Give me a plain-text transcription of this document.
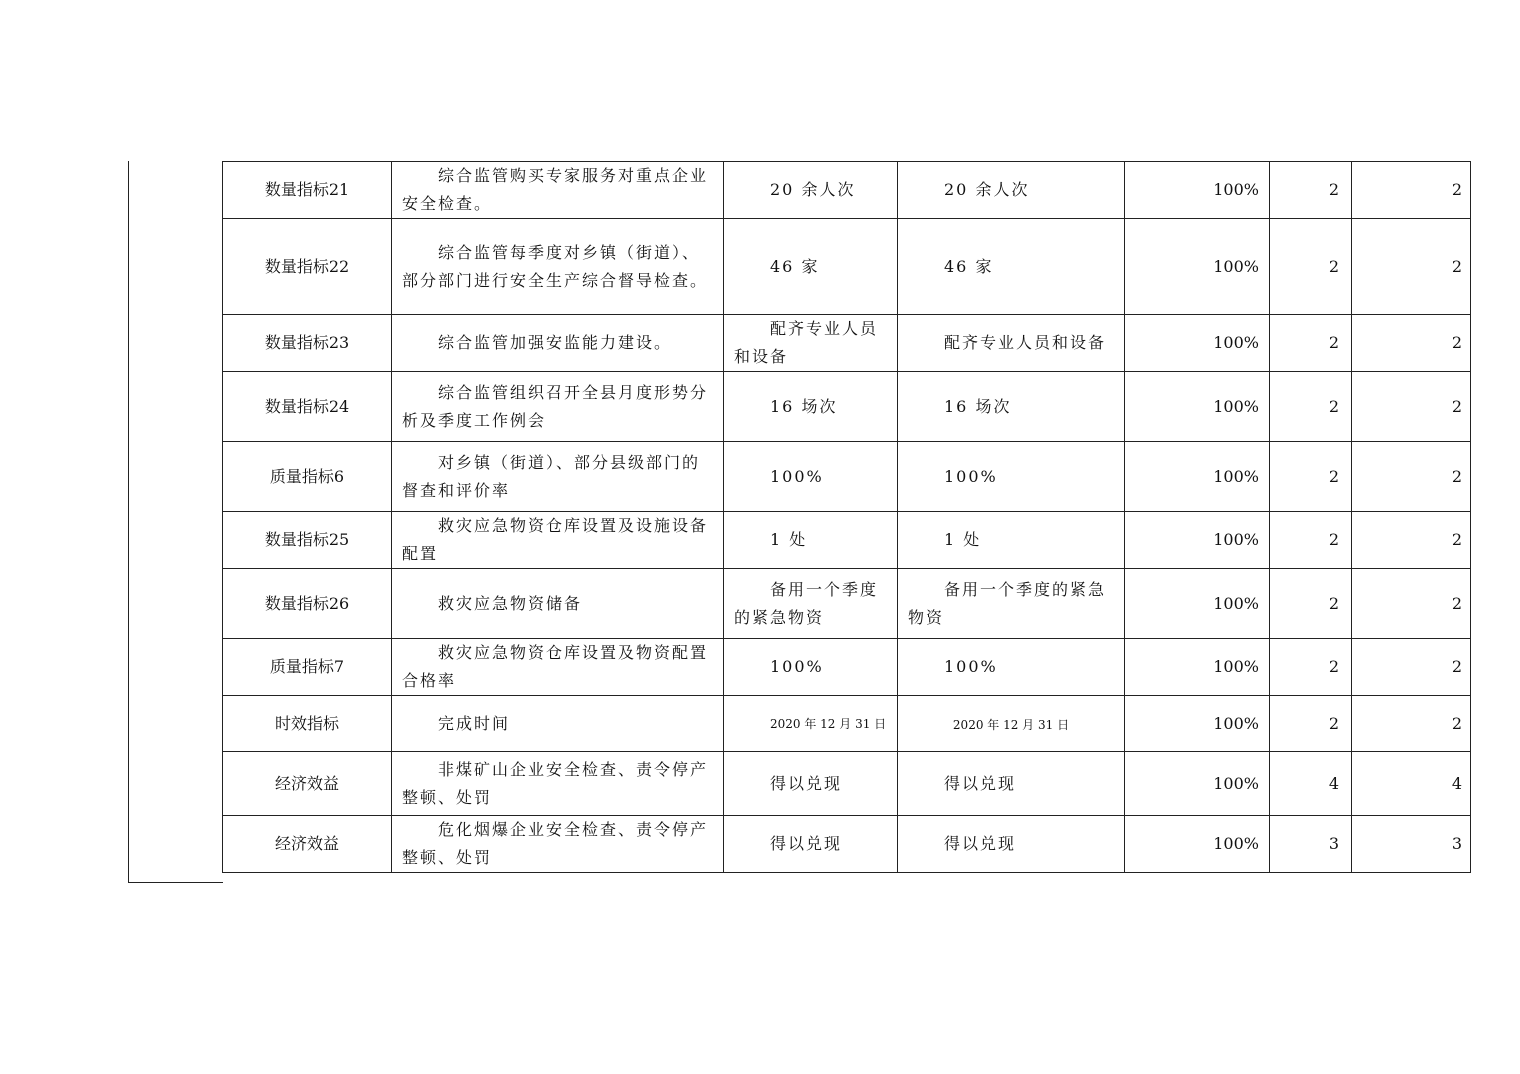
数量指标21	综合监管购买专家服务对重点企业安全检查。	20 余人次	20 余人次	100%	2	2
数量指标22	综合监管每季度对乡镇（街道）、部分部门进行安全生产综合督导检查。	46 家	46 家	100%	2	2
数量指标23	综合监管加强安监能力建设。	配齐专业人员和设备	配齐专业人员和设备	100%	2	2
数量指标24	综合监管组织召开全县月度形势分析及季度工作例会	16 场次	16 场次	100%	2	2
质量指标6	对乡镇（街道）、部分县级部门的督查和评价率	100%	100%	100%	2	2
数量指标25	救灾应急物资仓库设置及设施设备配置	1 处	1 处	100%	2	2
数量指标26	救灾应急物资储备	备用一个季度的紧急物资	备用一个季度的紧急物资	100%	2	2
质量指标7	救灾应急物资仓库设置及物资配置合格率	100%	100%	100%	2	2
时效指标	完成时间	2020 年 12 月 31 日	2020 年 12 月 31 日	100%	2	2
经济效益	非煤矿山企业安全检查、责令停产整顿、处罚	得以兑现	得以兑现	100%	4	4
经济效益	危化烟爆企业安全检查、责令停产整顿、处罚	得以兑现	得以兑现	100%	3	3
